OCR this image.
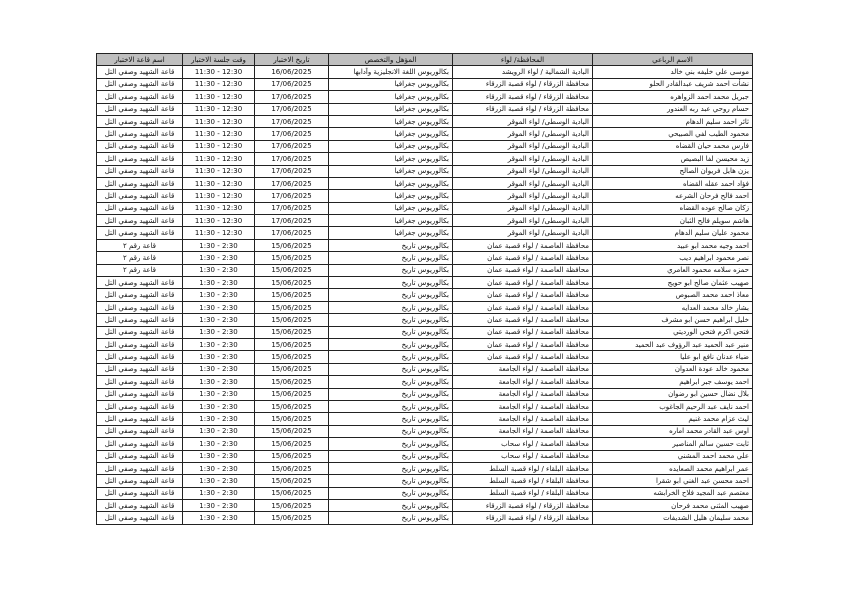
الاسم الرباعي	المحافظة/ لواء	المؤهل والتخصص	تاريخ الاختبار	وقت جلسة الاختبار	اسم قاعة الاختبار
موسى علي خليفه بني خالد	البادية الشمالية / لواء الرويشد	بكالوريوس اللغة الانجليزية وآدابها	16/06/2025	11:30 - 12:30	قاعة الشهيد وصفي التل
نشأت احمد شريف عبدالقادر الحلو	محافظة الزرقاء / لواء قصبة الزرقاء	بكالوريوس جغرافيا	17/06/2025	11:30 - 12:30	قاعة الشهيد وصفي التل
جبريل محمد احمد الزواهره	محافظة الزرقاء / لواء قصبة الزرقاء	بكالوريوس جغرافيا	17/06/2025	11:30 - 12:30	قاعة الشهيد وصفي التل
حسام روحي عبد ربه العندور	محافظة الزرقاء / لواء قصبة الزرقاء	بكالوريوس جغرافيا	17/06/2025	11:30 - 12:30	قاعة الشهيد وصفي التل
ثائر احمد سليم الدهام	البادية الوسطى/ لواء الموقر	بكالوريوس جغرافيا	17/06/2025	11:30 - 12:30	قاعة الشهيد وصفي التل
محمود الطيب لفي الصبيحي	البادية الوسطى/ لواء الموقر	بكالوريوس جغرافيا	17/06/2025	11:30 - 12:30	قاعة الشهيد وصفي التل
فارس محمد حيان القضاه	البادية الوسطى/ لواء الموقر	بكالوريوس جغرافيا	17/06/2025	11:30 - 12:30	قاعة الشهيد وصفي التل
زيد محيسن لفا البصيص	البادية الوسطى/ لواء الموقر	بكالوريوس جغرافيا	17/06/2025	11:30 - 12:30	قاعة الشهيد وصفي التل
يزن هايل فريوان الصالح	البادية الوسطى/ لواء الموقر	بكالوريوس جغرافيا	17/06/2025	11:30 - 12:30	قاعة الشهيد وصفي التل
فؤاد احمد عقله القضاه	البادية الوسطى/ لواء الموقر	بكالوريوس جغرافيا	17/06/2025	11:30 - 12:30	قاعة الشهيد وصفي التل
احمد فالح فرحان الشرعه	البادية الوسطى/ لواء الموقر	بكالوريوس جغرافيا	17/06/2025	11:30 - 12:30	قاعة الشهيد وصفي التل
زكان صالح عوده القضاه	البادية الوسطى/ لواء الموقر	بكالوريوس جغرافيا	17/06/2025	11:30 - 12:30	قاعة الشهيد وصفي التل
هاشم سويلم فالح الثبان	البادية الوسطى/ لواء الموقر	بكالوريوس جغرافيا	17/06/2025	11:30 - 12:30	قاعة الشهيد وصفي التل
محمود عليان سليم الدهام	البادية الوسطى/ لواء الموقر	بكالوريوس جغرافيا	17/06/2025	11:30 - 12:30	قاعة الشهيد وصفي التل
احمد وجيه محمد ابو عبيد	محافظة العاصمة / لواء قصبة عمان	بكالوريوس تاريخ	15/06/2025	1:30 - 2:30	قاعة رقم ٢
نصر محمود ابراهيم ديب	محافظة العاصمة / لواء قصبة عمان	بكالوريوس تاريخ	15/06/2025	1:30 - 2:30	قاعة رقم ٢
حمزه سلامه محمود العامري	محافظة العاصمة / لواء قصبة عمان	بكالوريوس تاريخ	15/06/2025	1:30 - 2:30	قاعة رقم ٢
صهيب عثمان صالح ابو حويج	محافظة العاصمة / لواء قصبة عمان	بكالوريوس تاريخ	15/06/2025	1:30 - 2:30	قاعة الشهيد وصفي التل
معاذ احمد محمد الصبوص	محافظة العاصمة / لواء قصبة عمان	بكالوريوس تاريخ	15/06/2025	1:30 - 2:30	قاعة الشهيد وصفي التل
بشار خالد محمد العدايه	محافظة العاصمة / لواء قصبة عمان	بكالوريوس تاريخ	15/06/2025	1:30 - 2:30	قاعة الشهيد وصفي التل
خليل ابراهيم حسن ابو مشرف	محافظة العاصمة / لواء قصبة عمان	بكالوريوس تاريخ	15/06/2025	1:30 - 2:30	قاعة الشهيد وصفي التل
فتحي اكرم فتحي الورديتي	محافظة العاصمة / لواء قصبة عمان	بكالوريوس تاريخ	15/06/2025	1:30 - 2:30	قاعة الشهيد وصفي التل
منير عبد الحميد عبد الرؤوف عبد الحميد	محافظة العاصمة / لواء قصبة عمان	بكالوريوس تاريخ	15/06/2025	1:30 - 2:30	قاعة الشهيد وصفي التل
ضياء عدنان نافع ابو عليا	محافظة العاصمة / لواء قصبة عمان	بكالوريوس تاريخ	15/06/2025	1:30 - 2:30	قاعة الشهيد وصفي التل
محمود خالد عودة العدوان	محافظة العاصمة / لواء الجامعة	بكالوريوس تاريخ	15/06/2025	1:30 - 2:30	قاعة الشهيد وصفي التل
احمد يوسف جبر ابراهيم	محافظة العاصمة / لواء الجامعة	بكالوريوس تاريخ	15/06/2025	1:30 - 2:30	قاعة الشهيد وصفي التل
بلال نضال حسين ابو رضوان	محافظة العاصمة / لواء الجامعة	بكالوريوس تاريخ	15/06/2025	1:30 - 2:30	قاعة الشهيد وصفي التل
احمد نايف عبد الرحيم الجاغوب	محافظة العاصمة / لواء الجامعة	بكالوريوس تاريخ	15/06/2025	1:30 - 2:30	قاعة الشهيد وصفي التل
ليث عزام محمد غنيم	محافظة العاصمة / لواء الجامعة	بكالوريوس تاريخ	15/06/2025	1:30 - 2:30	قاعة الشهيد وصفي التل
اوس عبد القادر محمد اماره	محافظة العاصمة / لواء الجامعة	بكالوريوس تاريخ	15/06/2025	1:30 - 2:30	قاعة الشهيد وصفي التل
ثابت حسين سالم المناصير	محافظة العاصمة / لواء سحاب	بكالوريوس تاريخ	15/06/2025	1:30 - 2:30	قاعة الشهيد وصفي التل
علي محمد احمد المشني	محافظة العاصمة / لواء سحاب	بكالوريوس تاريخ	15/06/2025	1:30 - 2:30	قاعة الشهيد وصفي التل
عمر ابراهيم محمد الصعايده	محافظة البلقاء / لواء قصبة السلط	بكالوريوس تاريخ	15/06/2025	1:30 - 2:30	قاعة الشهيد وصفي التل
احمد محسن عبد الغني ابو شقرا	محافظة البلقاء / لواء قصبة السلط	بكالوريوس تاريخ	15/06/2025	1:30 - 2:30	قاعة الشهيد وصفي التل
معتصم عبد المجيد فلاح الخرابشه	محافظة البلقاء / لواء قصبة السلط	بكالوريوس تاريخ	15/06/2025	1:30 - 2:30	قاعة الشهيد وصفي التل
صهيب المثنى محمد فرحان	محافظة الزرقاء / لواء قصبة الزرقاء	بكالوريوس تاريخ	15/06/2025	1:30 - 2:30	قاعة الشهيد وصفي التل
محمد سليمان هليل الشديفات	محافظة الزرقاء / لواء قصبة الزرقاء	بكالوريوس تاريخ	15/06/2025	1:30 - 2:30	قاعة الشهيد وصفي التل
